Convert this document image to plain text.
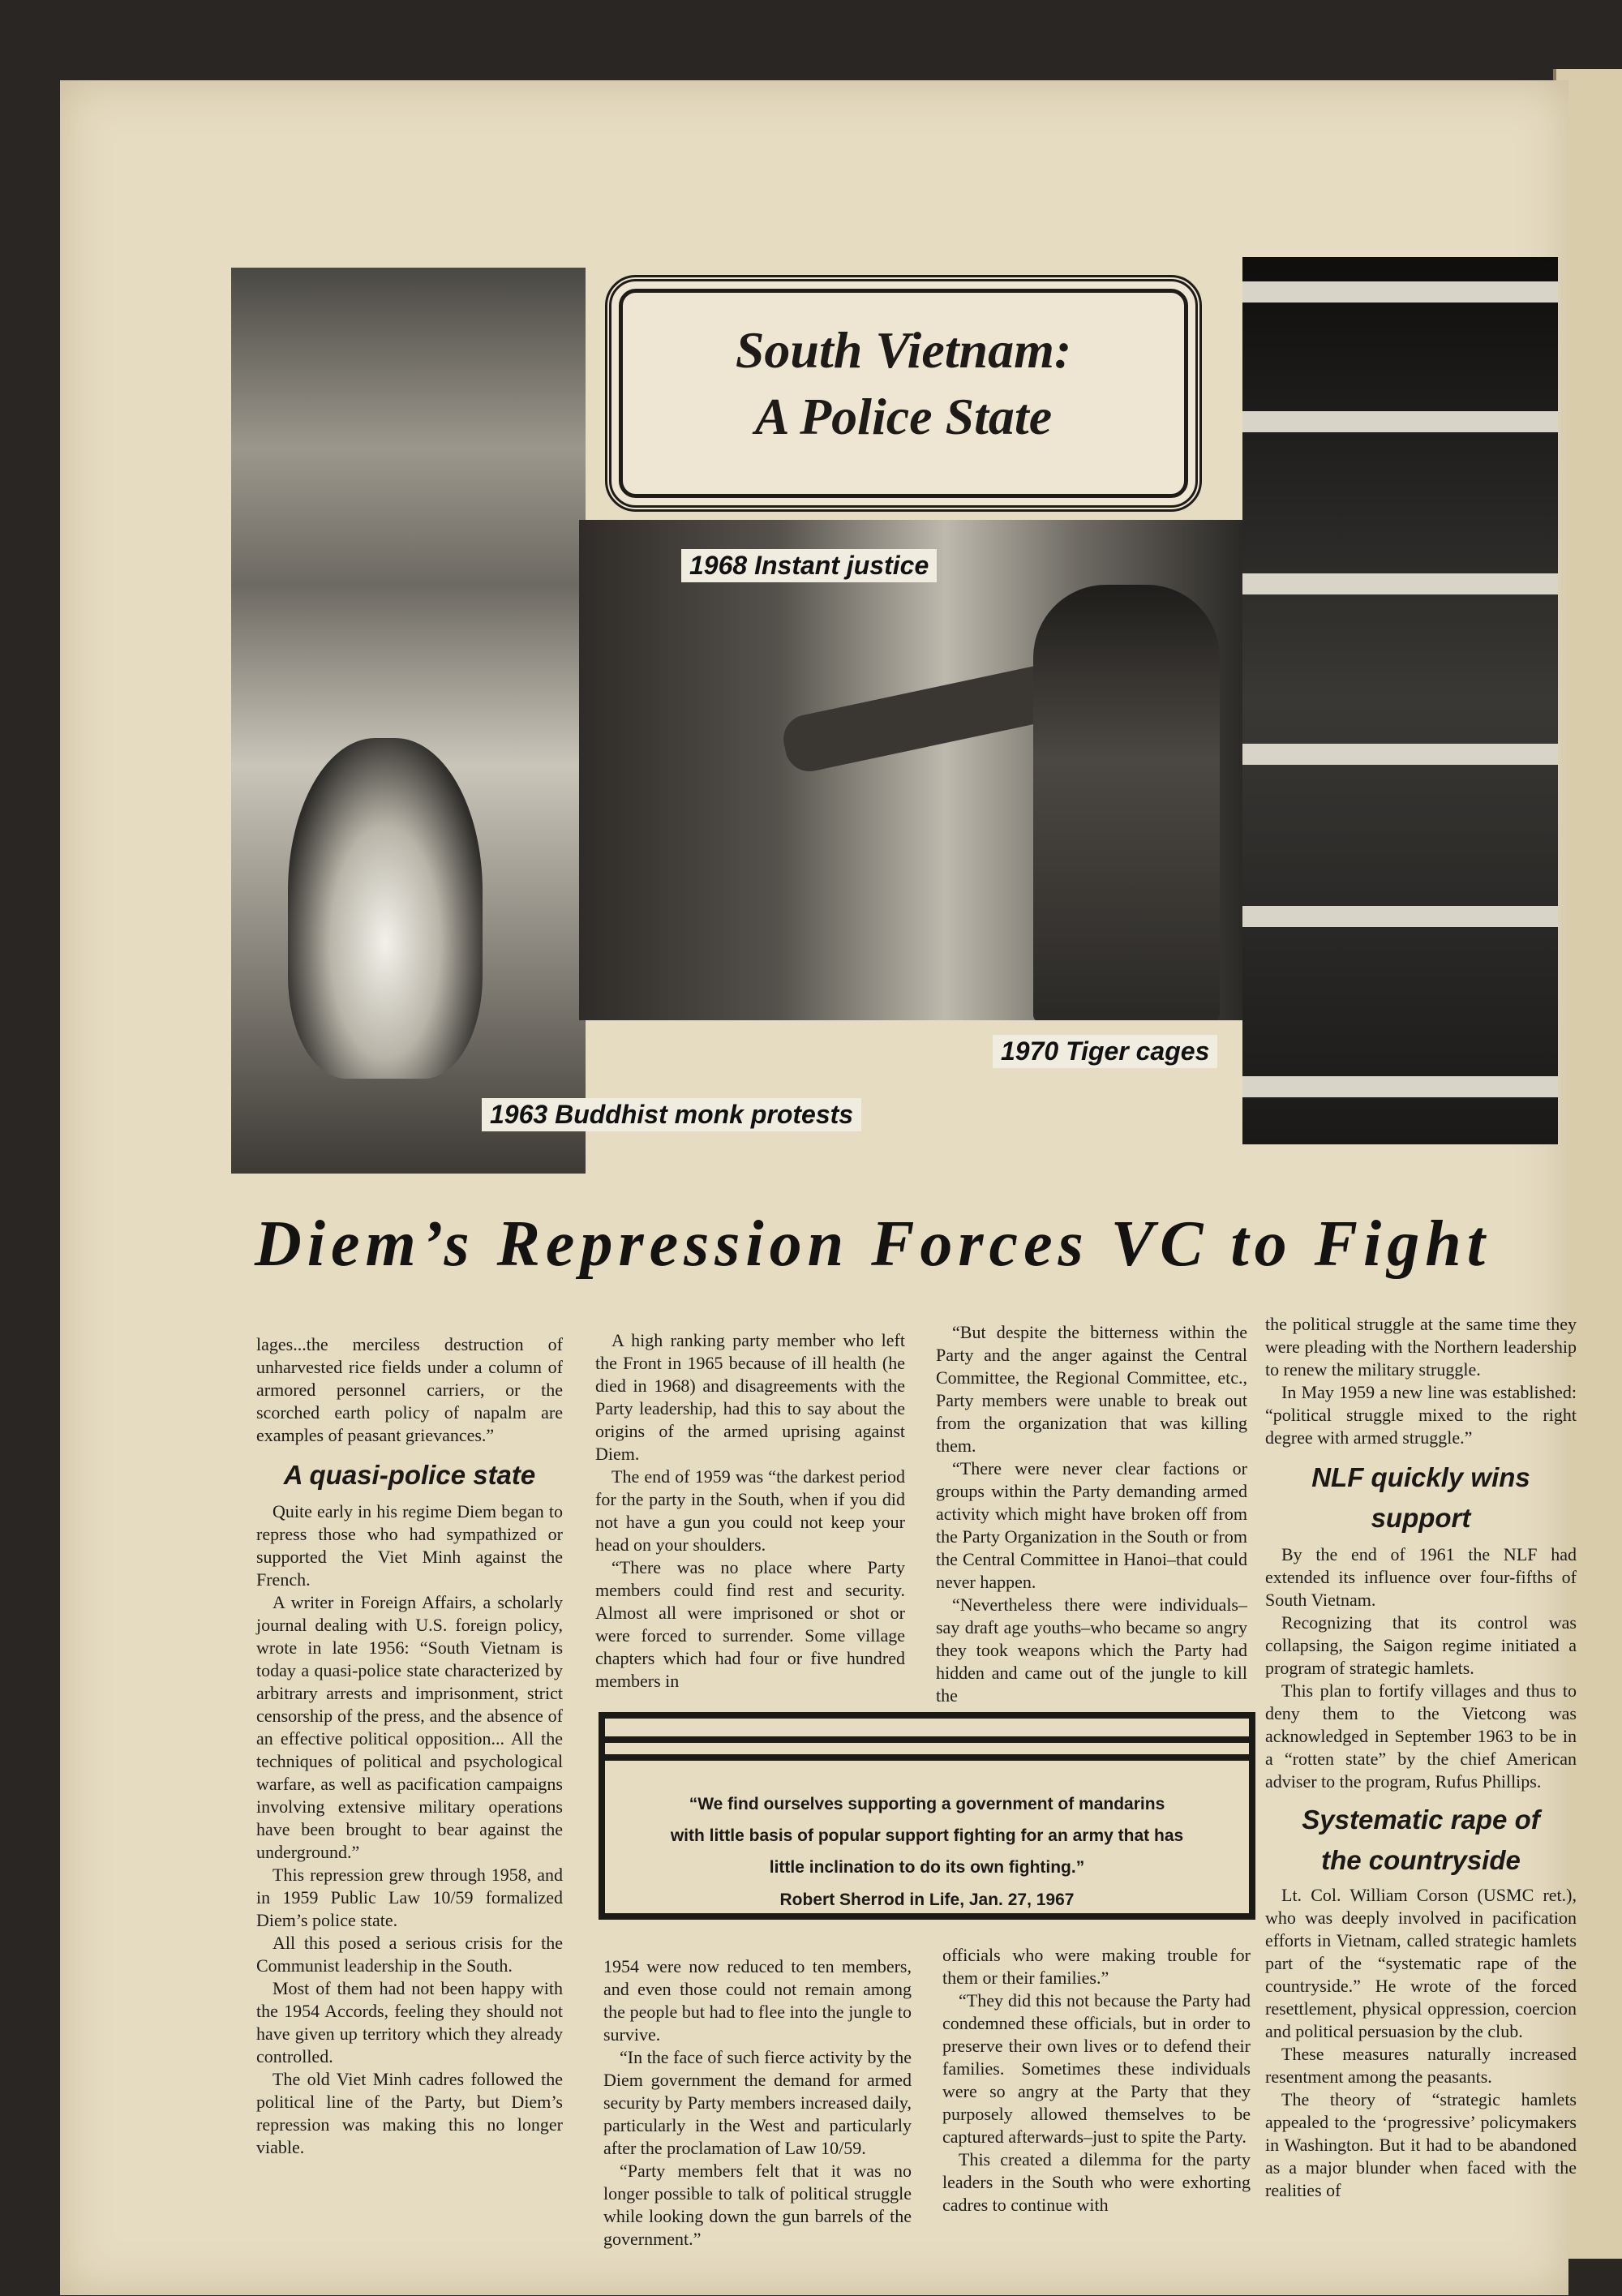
South Vietnam:
A Police State
1968 Instant justice
1970 Tiger cages
1963 Buddhist monk protests
Diem’s Repression Forces VC to Fight

lages...the merciless destruction of unharvested rice fields under a column of armored personnel carriers, or the scorched earth policy of napalm are examples of peasant grievances.”

A quasi-police state

Quite early in his regime Diem began to repress those who had sympathized or supported the Viet Minh against the French.

A writer in Foreign Affairs, a scholarly journal dealing with U.S. foreign policy, wrote in late 1956: “South Vietnam is today a quasi-police state characterized by arbitrary arrests and imprisonment, strict censorship of the press, and the absence of an effective political opposition... All the techniques of political and psychological warfare, as well as pacification campaigns involving extensive military operations have been brought to bear against the underground.”

This repression grew through 1958, and in 1959 Public Law 10/59 formalized Diem’s police state.

All this posed a serious crisis for the Communist leadership in the South.

Most of them had not been happy with the 1954 Accords, feeling they should not have given up territory which they already controlled.

The old Viet Minh cadres followed the political line of the Party, but Diem’s repression was making this no longer viable.

A high ranking party member who left the Front in 1965 because of ill health (he died in 1968) and disagreements with the Party leadership, had this to say about the origins of the armed uprising against Diem.

The end of 1959 was “the darkest period for the party in the South, when if you did not have a gun you could not keep your head on your shoulders.

“There was no place where Party members could find rest and security. Almost all were imprisoned or shot or were forced to surrender. Some village chapters which had four or five hundred members in

“But despite the bitterness within the Party and the anger against the Central Committee, the Regional Committee, etc., Party members were unable to break out from the organization that was killing them.

“There were never clear factions or groups within the Party demanding armed activity which might have broken off from the Party Organization in the South or from the Central Committee in Hanoi–that could never happen.

“Nevertheless there were individuals–say draft age youths–who became so angry they took weapons which the Party had hidden and came out of the jungle to kill the

“We find ourselves supporting a government of mandarins with little basis of popular support fighting for an army that has little inclination to do its own fighting.”
Robert Sherrod in Life, Jan. 27, 1967

1954 were now reduced to ten members, and even those could not remain among the people but had to flee into the jungle to survive.

“In the face of such fierce activity by the Diem government the demand for armed security by Party members increased daily, particularly in the West and particularly after the proclamation of Law 10/59.

“Party members felt that it was no longer possible to talk of political struggle while looking down the gun barrels of the government.”

officials who were making trouble for them or their families.”

“They did this not because the Party had condemned these officials, but in order to preserve their own lives or to defend their families. Sometimes these individuals were so angry at the Party that they purposely allowed themselves to be captured afterwards–just to spite the Party.

This created a dilemma for the party leaders in the South who were exhorting cadres to continue with

the political struggle at the same time they were pleading with the Northern leadership to renew the military struggle.

In May 1959 a new line was established: “political struggle mixed to the right degree with armed struggle.”

NLF quickly wins support

By the end of 1961 the NLF had extended its influence over four-fifths of South Vietnam.

Recognizing that its control was collapsing, the Saigon regime initiated a program of strategic hamlets.

This plan to fortify villages and thus to deny them to the Vietcong was acknowledged in September 1963 to be in a “rotten state” by the chief American adviser to the program, Rufus Phillips.

Systematic rape of the countryside

Lt. Col. William Corson (USMC ret.), who was deeply involved in pacification efforts in Vietnam, called strategic hamlets part of the “systematic rape of the countryside.” He wrote of the forced resettlement, physical oppression, coercion and political persuasion by the club.

These measures naturally increased resentment among the peasants.

The theory of “strategic hamlets appealed to the ‘progressive’ policymakers in Washington. But it had to be abandoned as a major blunder when faced with the realities of
